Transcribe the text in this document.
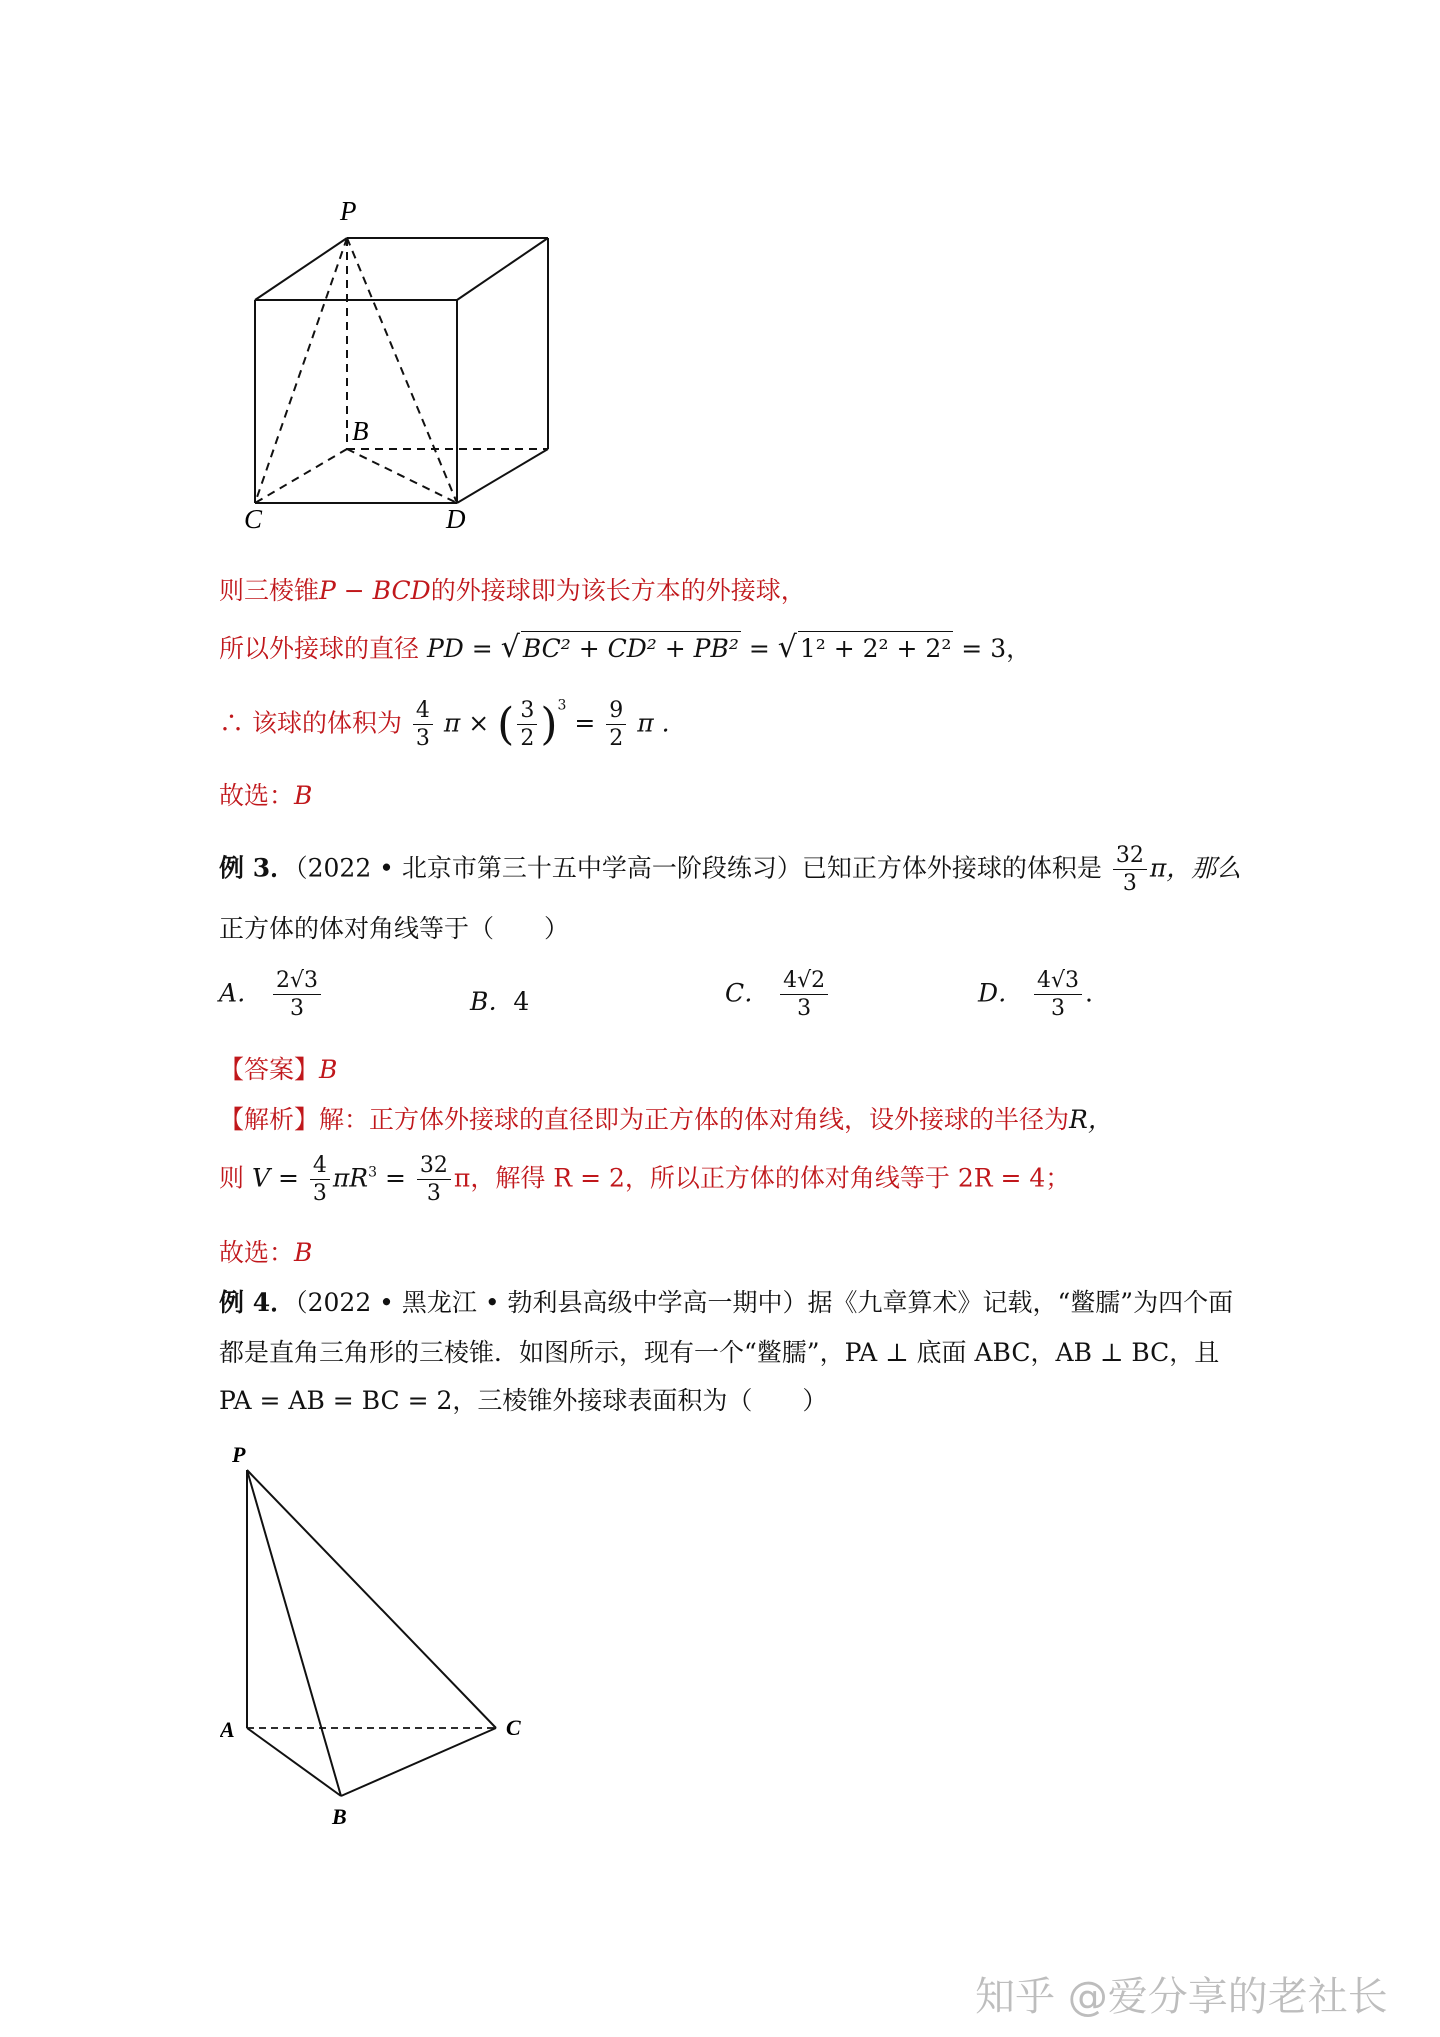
P
B
C	D
则三棱锥P − BCD的外接球即为该长方本的外接球，
所以外接球的直径 PD = √ BC² + CD² + PB² = √ 1² + 2² + 2² = 3，
∴ 该球的体积为 $\frac{4}{3}$ π × ( $\frac{3}{2} )^3 = \frac{9}{2}$ π .
故选：B
例 3．（2022 • 北京市第三十五中学高一阶段练习）已知正方体外接球的体积是 $\frac{32}{3}$ π，那么
正方体的体对角线等于（　　）
A． $\frac{2√3}{3}$	B．4	C． $\frac{4√2}{3}$	D． $\frac{4√3}{3}$ .
【答案】B
【解析】解：正方体外接球的直径即为正方体的体对角线，设外接球的半径为R，
则 $V = \frac{4}{3} \pi R^3 = \frac{32}{3}$ π，解得 R = 2，所以正方体的体对角线等于 2R = 4；
故选：B
例 4．（2022 • 黑龙江 • 勃利县高级中学高一期中）据《九章算术》记载，“鳖臑”为四个面
都是直角三角形的三棱锥．如图所示，现有一个“鳖臑”，PA ⊥ 底面 ABC，AB ⊥ BC，且
PA = AB = BC = 2，三棱锥外接球表面积为（　　）
P
A
B
C
知乎 @爱分享的老社长
